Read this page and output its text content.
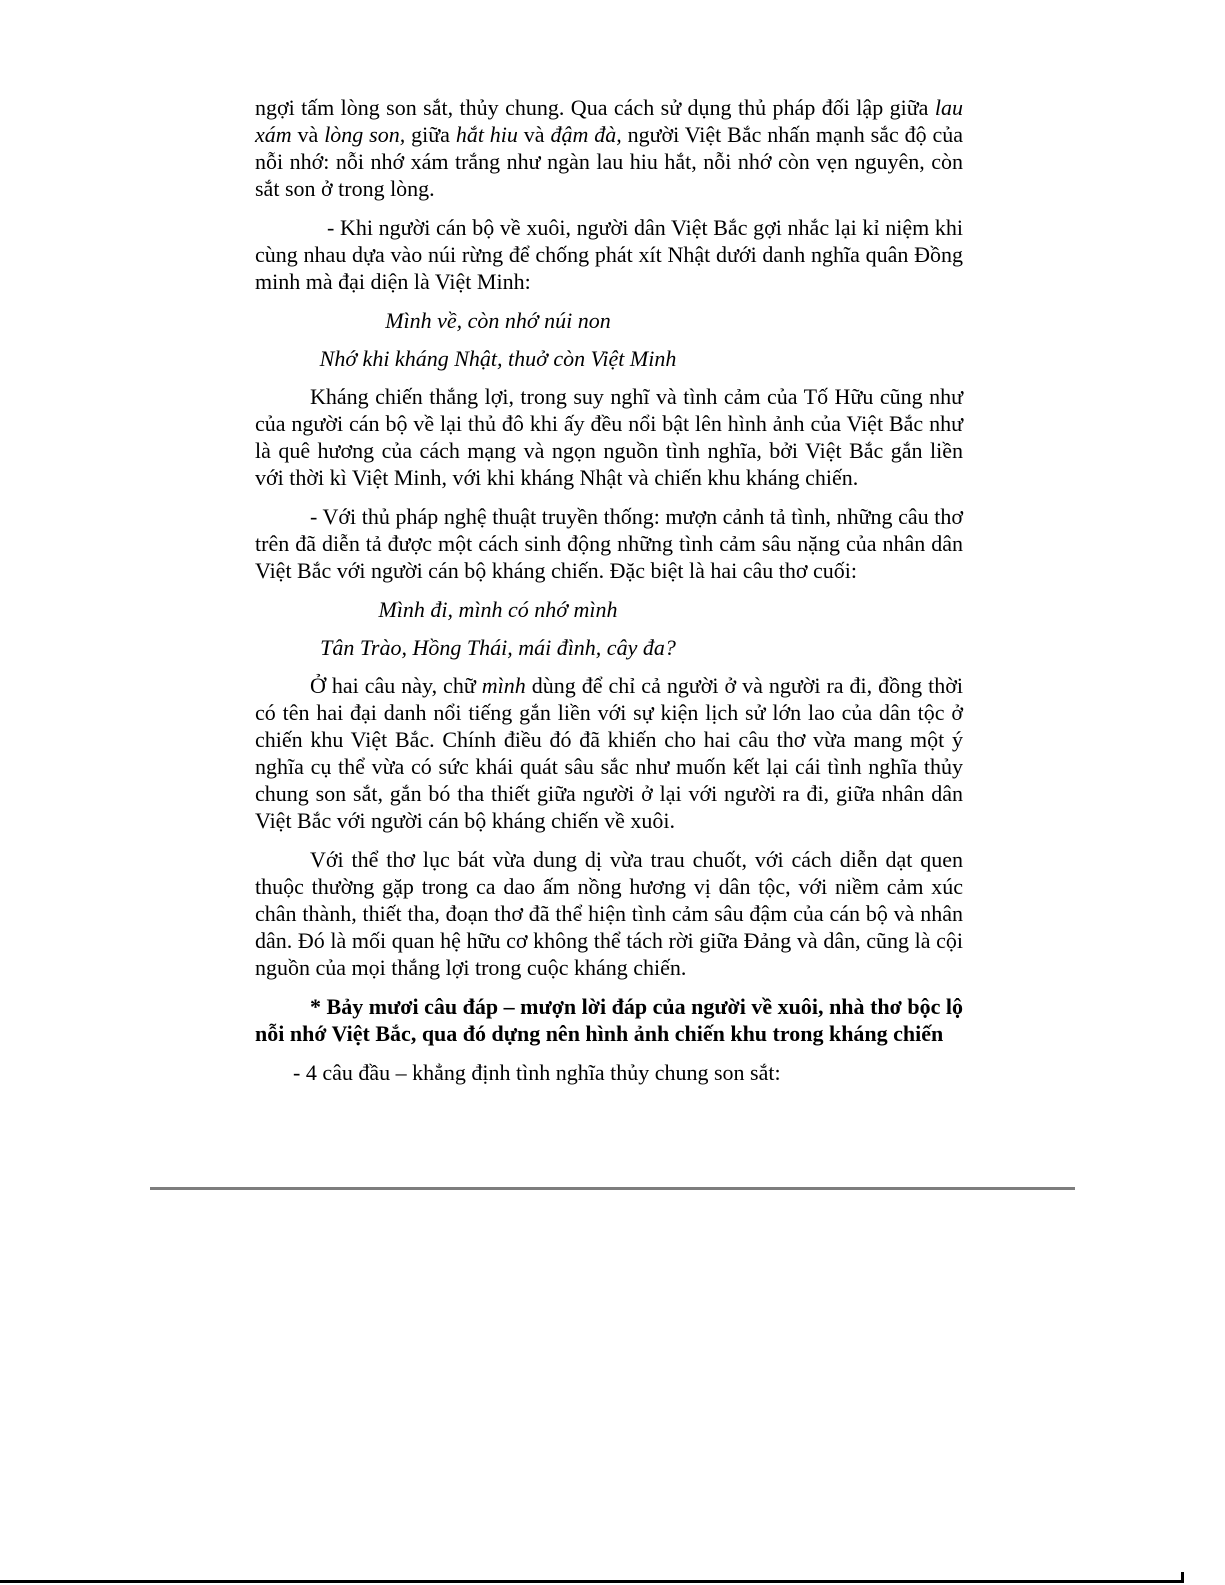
ngợi tấm lòng son sắt, thủy chung. Qua cách sử dụng thủ pháp đối lập giữa lau xám và lòng son, giữa hắt hiu và đậm đà, người Việt Bắc nhấn mạnh sắc độ của nỗi nhớ: nỗi nhớ xám trắng như ngàn lau hiu hắt, nỗi nhớ còn vẹn nguyên, còn sắt son ở trong lòng.

- Khi người cán bộ về xuôi, người dân Việt Bắc gợi nhắc lại kỉ niệm khi cùng nhau dựa vào núi rừng để chống phát xít Nhật dưới danh nghĩa quân Đồng minh mà đại diện là Việt Minh:

Mình về, còn nhớ núi non
Nhớ khi kháng Nhật, thuở còn Việt Minh

Kháng chiến thắng lợi, trong suy nghĩ và tình cảm của Tố Hữu cũng như của người cán bộ về lại thủ đô khi ấy đều nổi bật lên hình ảnh của Việt Bắc như là quê hương của cách mạng và ngọn nguồn tình nghĩa, bởi Việt Bắc gắn liền với thời kì Việt Minh, với khi kháng Nhật và chiến khu kháng chiến.

- Với thủ pháp nghệ thuật truyền thống: mượn cảnh tả tình, những câu thơ trên đã diễn tả được một cách sinh động những tình cảm sâu nặng của nhân dân Việt Bắc với người cán bộ kháng chiến. Đặc biệt là hai câu thơ cuối:

Mình đi, mình có nhớ mình
Tân Trào, Hồng Thái, mái đình, cây đa?

Ở hai câu này, chữ mình dùng để chỉ cả người ở và người ra đi, đồng thời có tên hai đại danh nổi tiếng gắn liền với sự kiện lịch sử lớn lao của dân tộc ở chiến khu Việt Bắc. Chính điều đó đã khiến cho hai câu thơ vừa mang một ý nghĩa cụ thể vừa có sức khái quát sâu sắc như muốn kết lại cái tình nghĩa thủy chung son sắt, gắn bó tha thiết giữa người ở lại với người ra đi, giữa nhân dân Việt Bắc với người cán bộ kháng chiến về xuôi.

Với thể thơ lục bát vừa dung dị vừa trau chuốt, với cách diễn dạt quen thuộc thường gặp trong ca dao ấm nồng hương vị dân tộc, với niềm cảm xúc chân thành, thiết tha, đoạn thơ đã thể hiện tình cảm sâu đậm của cán bộ và nhân dân. Đó là mối quan hệ hữu cơ không thể tách rời giữa Đảng và dân, cũng là cội nguồn của mọi thắng lợi trong cuộc kháng chiến.

* Bảy mươi câu đáp – mượn lời đáp của người về xuôi, nhà thơ bộc lộ nỗi nhớ Việt Bắc, qua đó dựng nên hình ảnh chiến khu trong kháng chiến

- 4 câu đầu – khẳng định tình nghĩa thủy chung son sắt:
